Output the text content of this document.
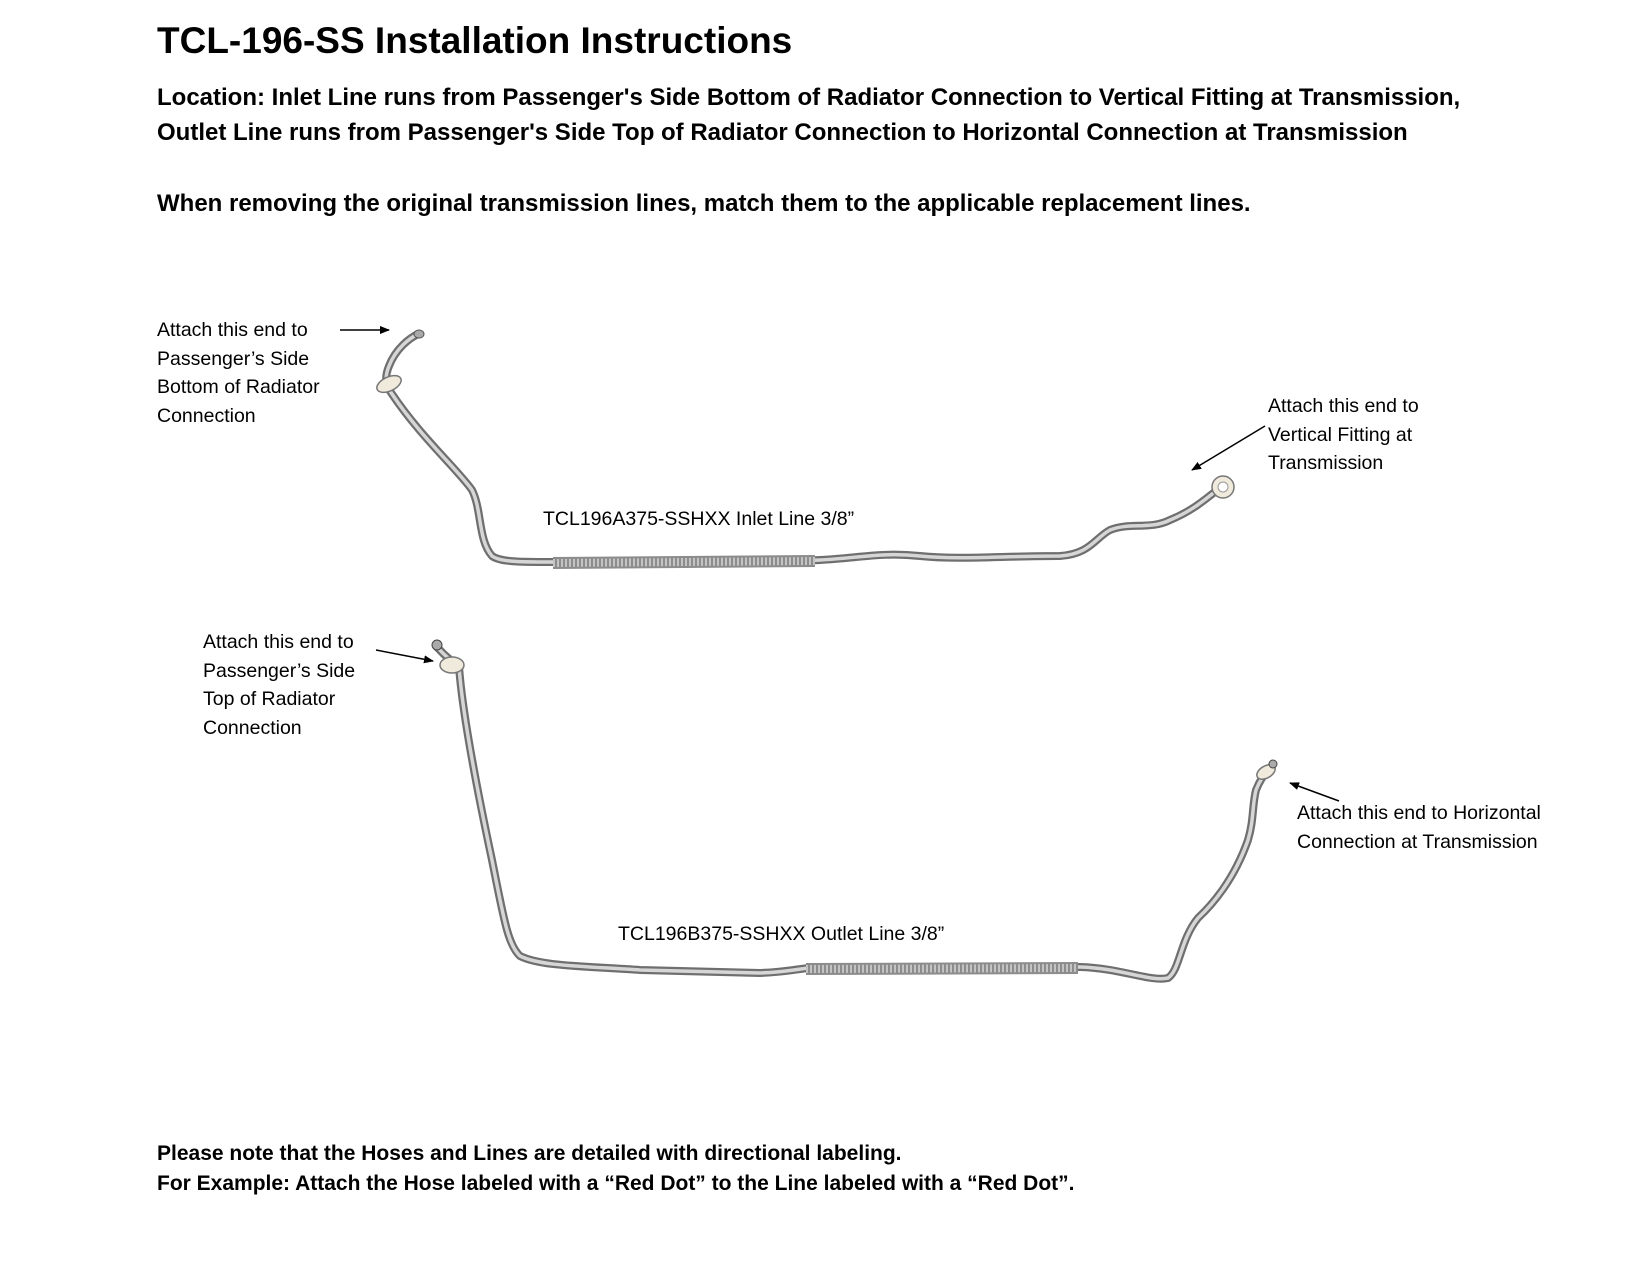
TCL-196-SS Installation Instructions
Location: Inlet Line runs from Passenger's Side Bottom of Radiator Connection to Vertical Fitting at Transmission,
Outlet Line runs from Passenger's Side Top of Radiator Connection to Horizontal Connection at Transmission
When removing the original transmission lines, match them to the applicable replacement lines.
Attach this end to
Passenger’s Side
Bottom of Radiator
Connection	Attach this end to
Vertical Fitting at
Transmission
TCL196A375-SSHXX Inlet Line 3/8”
Attach this end to
Passenger’s Side
Top of Radiator
Connection
Attach this end to Horizontal
Connection at Transmission
TCL196B375-SSHXX Outlet Line 3/8”
Please note that the Hoses and Lines are detailed with directional labeling.
For Example: Attach the Hose labeled with a “Red Dot” to the Line labeled with a “Red Dot”.
